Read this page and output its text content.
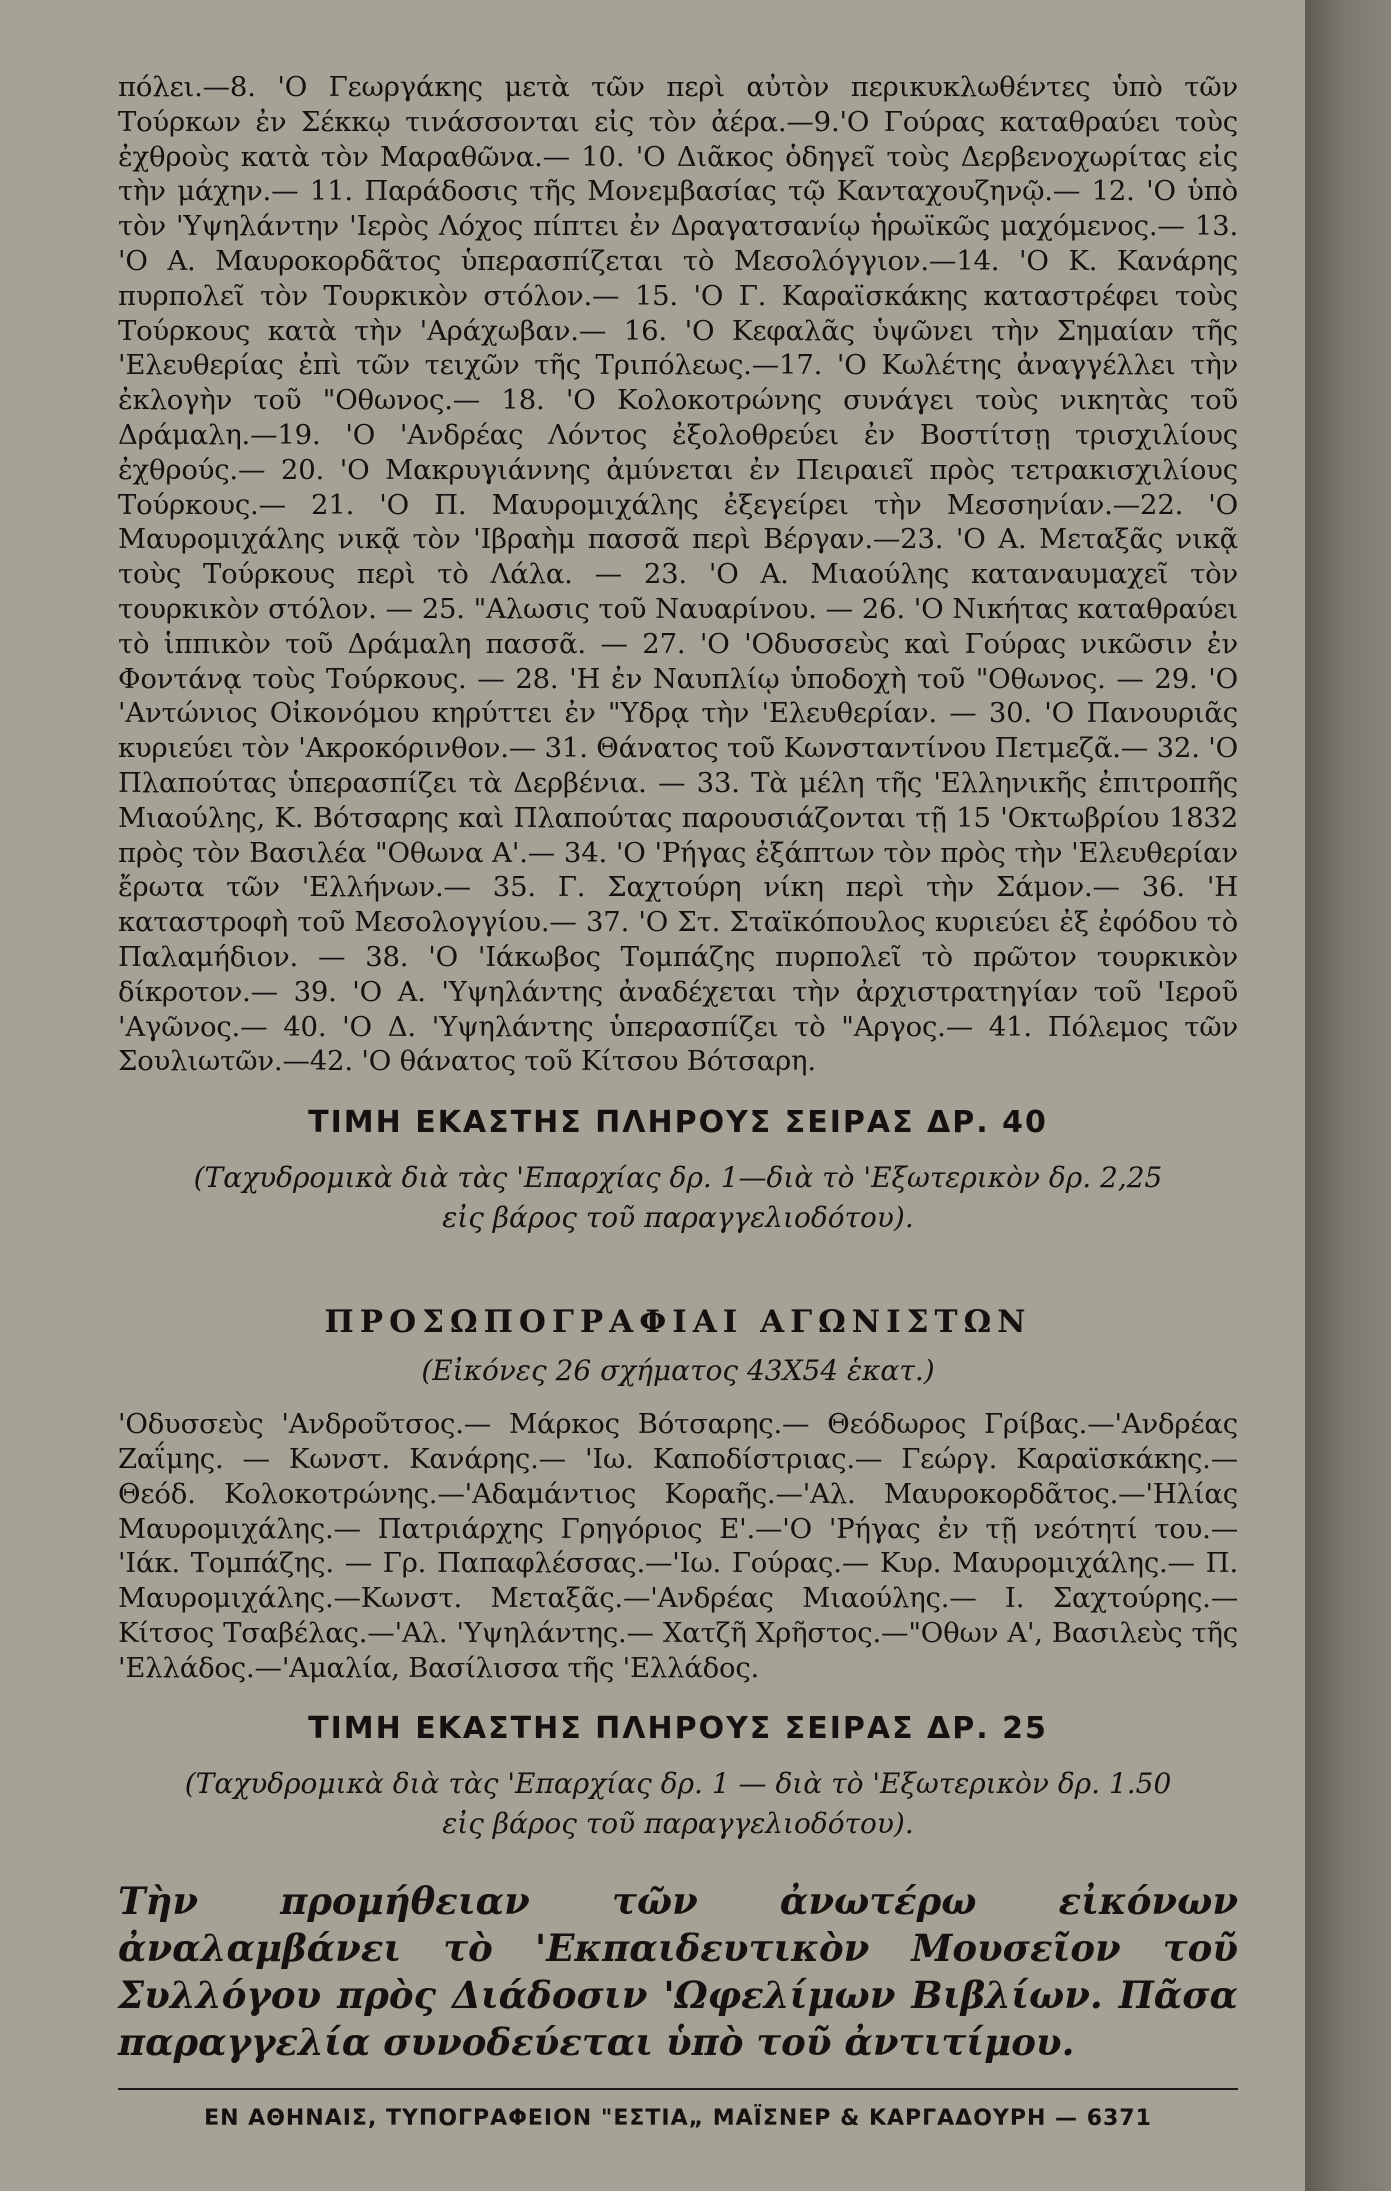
πόλει.—8. 'Ο Γεωργάκης μετὰ τῶν περὶ αὐτὸν περικυκλωθέντες ὑπὸ τῶν Τούρκων ἐν Σέκκῳ τινάσσονται εἰς τὸν ἀέρα.—9.'Ο Γούρας καταθραύει τοὺς ἐχθροὺς κατὰ τὸν Μαραθῶνα.— 10. 'Ο Διᾶκος ὁδηγεῖ τοὺς Δερβενοχωρίτας εἰς τὴν μάχην.— 11. Παράδοσις τῆς Μονεμβασίας τῷ Κανταχουζηνῷ.— 12. 'Ο ὑπὸ τὸν 'Υψηλάντην 'Ιερὸς Λόχος πίπτει ἐν Δραγατσανίῳ ἡρωϊκῶς μαχόμενος.— 13. 'Ο Α. Μαυροκορδᾶτος ὑπερασπίζεται τὸ Μεσολόγγιον.—14. 'Ο Κ. Κανάρης πυρπολεῖ τὸν Τουρκικὸν στόλον.— 15. 'Ο Γ. Καραϊσκάκης καταστρέφει τοὺς Τούρκους κατὰ τὴν 'Αράχωβαν.— 16. 'Ο Κεφαλᾶς ὑψῶνει τὴν Σημαίαν τῆς 'Ελευθερίας ἐπὶ τῶν τειχῶν τῆς Τριπόλεως.—17. 'Ο Κωλέτης ἀναγγέλλει τὴν ἐκλογὴν τοῦ "Οθωνος.— 18. 'Ο Κολοκοτρώνης συνάγει τοὺς νικητὰς τοῦ Δράμαλη.—19. 'Ο 'Ανδρέας Λόντος ἐξολοθρεύει ἐν Βοστίτσῃ τρισχιλίους ἐχθρούς.— 20. 'Ο Μακρυγιάννης ἀμύνεται ἐν Πειραιεῖ πρὸς τετρακισχιλίους Τούρκους.— 21. 'Ο Π. Μαυρομιχάλης ἐξεγείρει τὴν Μεσσηνίαν.—22. 'Ο Μαυρομιχάλης νικᾷ τὸν 'Ιβραὴμ πασσᾶ περὶ Βέργαν.—23. 'Ο Α. Μεταξᾶς νικᾷ τοὺς Τούρκους περὶ τὸ Λάλα. — 23. 'Ο Α. Μιαούλης καταναυμαχεῖ τὸν τουρκικὸν στόλον. — 25. "Αλωσις τοῦ Ναυαρίνου. — 26. 'Ο Νικήτας καταθραύει τὸ ἱππικὸν τοῦ Δράμαλη πασσᾶ. — 27. 'Ο 'Οδυσσεὺς καὶ Γούρας νικῶσιν ἐν Φοντάνᾳ τοὺς Τούρκους. — 28. 'Η ἐν Ναυπλίῳ ὑποδοχὴ τοῦ "Οθωνος. — 29. 'Ο 'Αντώνιος Οἰκονόμου κηρύττει ἐν "Υδρᾳ τὴν 'Ελευθερίαν. — 30. 'Ο Πανουριᾶς κυριεύει τὸν 'Ακροκόρινθον.— 31. Θάνατος τοῦ Κωνσταντίνου Πετμεζᾶ.— 32. 'Ο Πλαπούτας ὑπερασπίζει τὰ Δερβένια. — 33. Τὰ μέλη τῆς 'Ελληνικῆς ἐπιτροπῆς Μιαούλης, Κ. Βότσαρης καὶ Πλαπούτας παρουσιάζονται τῇ 15 'Οκτωβρίου 1832 πρὸς τὸν Βασιλέα "Οθωνα Α'.— 34. 'Ο 'Ρήγας ἐξάπτων τὸν πρὸς τὴν 'Ελευθερίαν ἔρωτα τῶν 'Ελλήνων.— 35. Γ. Σαχτούρη νίκη περὶ τὴν Σάμον.— 36. 'Η καταστροφὴ τοῦ Μεσολογγίου.— 37. 'Ο Στ. Σταϊκόπουλος κυριεύει ἐξ ἐφόδου τὸ Παλαμήδιον. — 38. 'Ο 'Ιάκωβος Τομπάζης πυρπολεῖ τὸ πρῶτον τουρκικὸν δίκροτον.— 39. 'Ο Α. 'Υψηλάντης ἀναδέχεται τὴν ἀρχιστρατηγίαν τοῦ 'Ιεροῦ 'Αγῶνος.— 40. 'Ο Δ. 'Υψηλάντης ὑπερασπίζει τὸ "Αργος.— 41. Πόλεμος τῶν Σουλιωτῶν.—42. 'Ο θάνατος τοῦ Κίτσου Βότσαρη.

ΤΙΜΗ ΕΚΑΣΤΗΣ ΠΛΗΡΟΥΣ ΣΕΙΡΑΣ ΔΡ. 40

(Ταχυδρομικὰ διὰ τὰς 'Επαρχίας δρ. 1—διὰ τὸ 'Εξωτερικὸν δρ. 2,25

εἰς βάρος τοῦ παραγγελιοδότου).

ΠΡΟΣΩΠΟΓΡΑΦΙΑΙ ΑΓΩΝΙΣΤΩΝ
(Εἰκόνες 26 σχήματος 43Χ54 ἑκατ.)

'Οδυσσεὺς 'Ανδροῦτσος.— Μάρκος Βότσαρης.— Θεόδωρος Γρίβας.—'Ανδρέας Ζαΐμης. — Κωνστ. Κανάρης.— 'Ιω. Καποδίστριας.— Γεώργ. Καραϊσκάκης.— Θεόδ. Κολοκοτρώνης.—'Αδαμάντιος Κοραῆς.—'Αλ. Μαυροκορδᾶτος.—'Ηλίας Μαυρομιχάλης.— Πατριάρχης Γρηγόριος Ε'.—'Ο 'Ρήγας ἐν τῇ νεότητί του.— 'Ιάκ. Τομπάζης. — Γρ. Παπαφλέσσας.—'Ιω. Γούρας.— Κυρ. Μαυρομιχάλης.— Π. Μαυρομιχάλης.—Κωνστ. Μεταξᾶς.—'Ανδρέας Μιαούλης.— Ι. Σαχτούρης.— Κίτσος Τσαβέλας.—'Αλ. 'Υψηλάντης.— Χατζῆ Χρῆστος.—"Οθων Α', Βασιλεὺς τῆς 'Ελλάδος.—'Αμαλία, Βασίλισσα τῆς 'Ελλάδος.

ΤΙΜΗ ΕΚΑΣΤΗΣ ΠΛΗΡΟΥΣ ΣΕΙΡΑΣ ΔΡ. 25

(Ταχυδρομικὰ διὰ τὰς 'Επαρχίας δρ. 1 — διὰ τὸ 'Εξωτερικὸν δρ. 1.50

εἰς βάρος τοῦ παραγγελιοδότου).

Τὴν προμήθειαν τῶν ἀνωτέρω εἰκόνων ἀναλαμβάνει τὸ 'Εκπαιδευτικὸν Μουσεῖον τοῦ Συλλόγου πρὸς Διάδοσιν 'Ωφελίμων Βιβλίων. Πᾶσα παραγγελία συνοδεύεται ὑπὸ τοῦ ἀντιτίμου.

ΕΝ ΑΘΗΝΑΙΣ, ΤΥΠΟΓΡΑΦΕΙΟΝ "ΕΣΤΙΑ„ ΜΑΪΣΝΕΡ & ΚΑΡΓΑΔΟΥΡΗ — 6371
